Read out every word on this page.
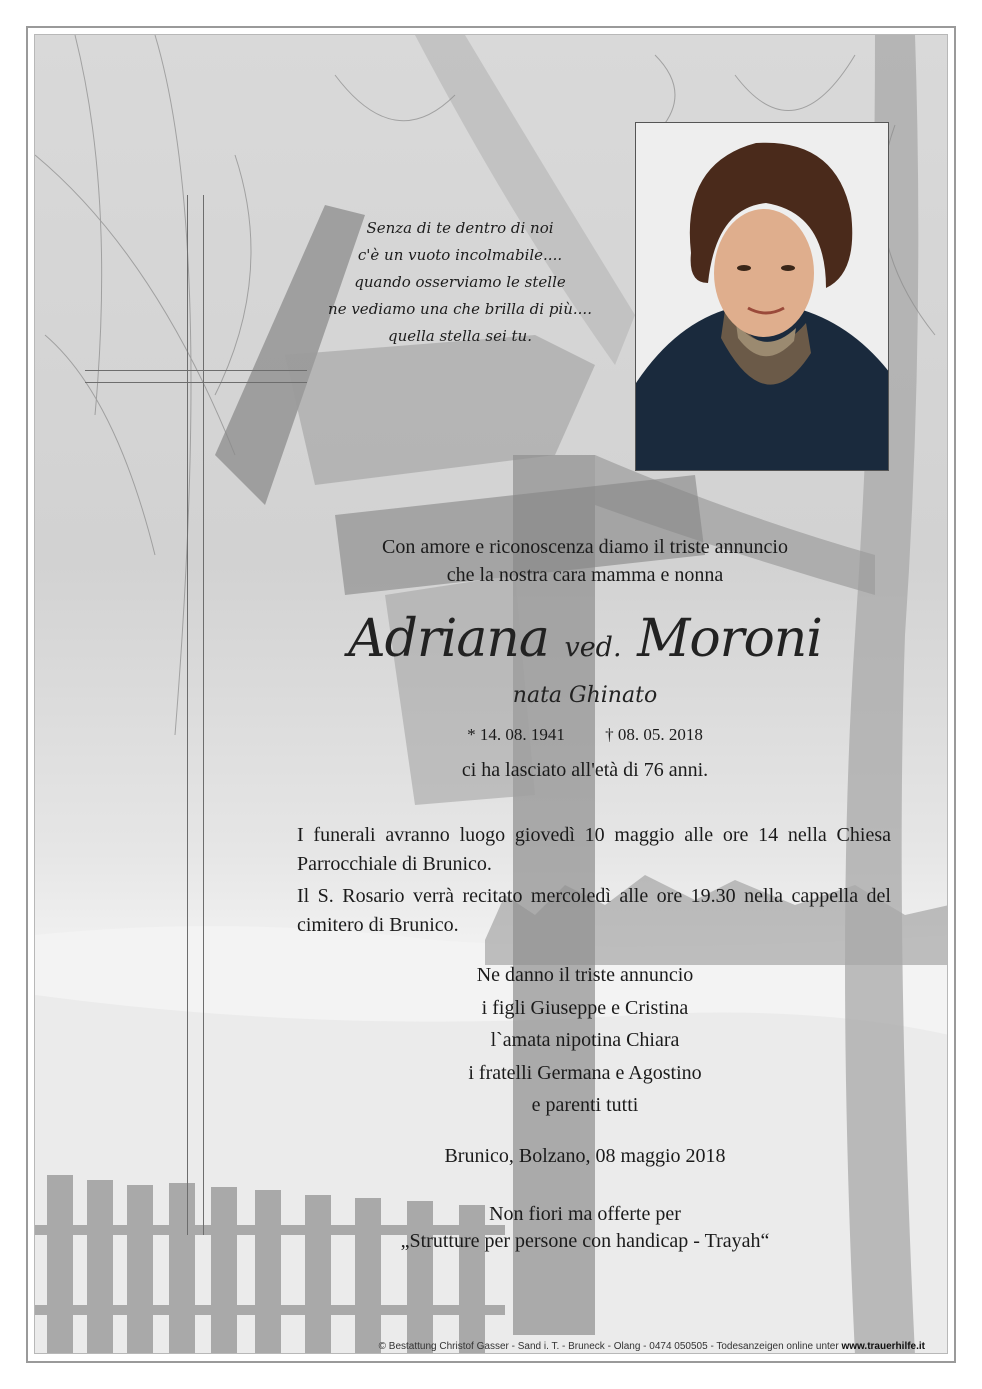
Senza di te dentro di noi
c'è un vuoto incolmabile....
quando osserviamo le stelle
ne vediamo una che brilla di più....
quella stella sei tu.
Con amore e riconoscenza diamo il triste annuncio
che la nostra cara mamma e nonna
Adriana ved. Moroni
nata Ghinato
* 14. 08. 1941 † 08. 05. 2018
ci ha lasciato all'età di 76 anni.

I funerali avranno luogo giovedì 10 maggio alle ore 14 nella Chiesa Parrocchiale di Brunico.

Il S. Rosario verrà recitato mercoledì alle ore 19.30 nella cappella del cimitero di Brunico.

Ne danno il triste annuncio
i figli Giuseppe e Cristina
l`amata nipotina Chiara
i fratelli Germana e Agostino
e parenti tutti
Brunico, Bolzano, 08 maggio 2018
Non fiori ma offerte per
„Strutture per persone con handicap - Trayah“
© Bestattung Christof Gasser - Sand i. T. - Bruneck - Olang - 0474 050505 - Todesanzeigen online unter www.trauerhilfe.it
